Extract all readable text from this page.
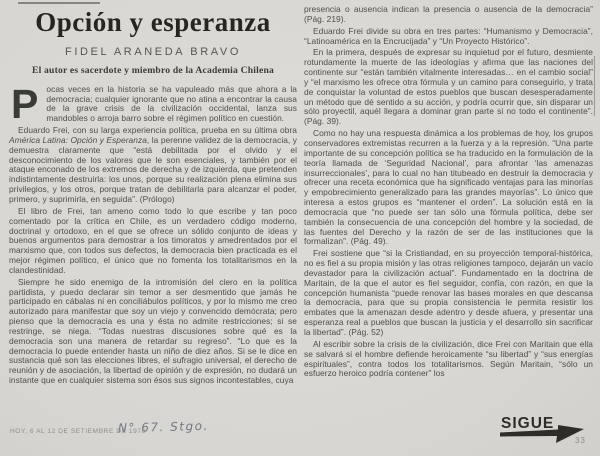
Opción y esperanza
FIDEL ARANEDA BRAVO
El autor es sacerdote y miembro de la Academia Chilena

Pocas veces en la historia se ha vapuleado más que ahora a la democracia; cualquier ignorante que no atina a encontrar la causa de la grave crisis de la civilización occidental, lanza sus mandobles o arroja barro sobre el régimen político en cuestión.

Eduardo Frei, con su larga experiencia política, prueba en su última obra América Latina: Opción y Esperanza, la perenne validez de la democracia, y demuestra claramente que “está debilitada por el olvido y el desconocimiento de los valores que le son esenciales, y también por el ataque enconado de los extremos de derecha y de izquierda, que pretenden indistintamente destruirla: los unos, porque su realización plena elimina sus privilegios, y los otros, porque tratan de debilitarla para alcanzar el poder, primero, y suprimirla, en seguida”. (Prólogo)

El libro de Frei, tan ameno como todo lo que escribe y tan poco comentado por la crítica en Chile, es un verdadero código moderno, doctrinal y ortodoxo, en el que se ofrece un sólido conjunto de ideas y buenos argumentos para demostrar a los timoratos y amedrentados por el marxismo que, con todos sus defectos, la democracia bien practicada es el mejor régimen político, el único que no fomenta los totalitarismos en la clandestinidad.

Siempre he sido enemigo de la intromisión del clero en la política partidista, y puedo declarar sin temor a ser desmentido que jamás he participado en cábalas ni en conciliábulos políticos, y por lo mismo me creo autorizado para manifestar que soy un viejo y convencido demócrata; pero pienso que la democracia es una y ésta no admite restricciones; si se restringe, se niega. “Todas nuestras discusiones sobre qué es la democracia son una manera de retardar su regreso”. “Lo que es la democracia lo puede entender hasta un niño de diez años. Si se le dice en sustancia qué son las elecciones libres, el sufragio universal, el derecho de reunión y de asociación, la libertad de opinión y de expresión, no dudará un instante que en cualquier sistema son ésos sus signos incontestables, cuya

presencia o ausencia indican la presencia o ausencia de la democracia” (Pág. 219).

Eduardo Frei divide su obra en tres partes: “Humanismo y Democracia”, “Latinoamérica en la Encrucijada” y “Un Proyecto Histórico”.

En la primera, después de expresar su inquietud por el futuro, desmiente rotundamente la muerte de las ideologías y afirma que las naciones del continente sur “están también vitalmente interesadas… en el cambio social” y “el marxismo les ofrece otra fórmula y un camino para conseguirlo, y trata de conquistar la voluntad de estos pueblos que buscan desesperadamente un método que dé sentido a su acción, y podría ocurrir que, sin disparar un sólo proyectil, aquél llegara a dominar gran parte si no todo el continente”. (Pág. 39).

Como no hay una respuesta dinámica a los problemas de hoy, los grupos conservadores extremistas recurren a la fuerza y a la represión. “Una parte importante de su concepción política se ha traducido en la formulación de la teoría llamada de ‘Seguridad Nacional’, para afrontar ‘las amenazas insurreccionales’, para lo cual no han titubeado en destruir la democracia y ofrecer una receta económica que ha significado ventajas para las minorías y empobrecimiento generalizado para las grandes mayorías”. Lo único que interesa a estos grupos es “mantener el orden”. La solución está en la democracia que “no puede ser tan sólo una fórmula política, debe ser también la consecuencia de una concepción del hombre y la sociedad, de las fuentes del Derecho y la razón de ser de las instituciones que la formalizan”. (Pág. 49).

Frei sostiene que “si la Cristiandad, en su proyección temporal-histórica, no es fiel a su propia misión y las otras religiones tampoco, dejarán un vacío devastador para la civilización actual”. Fundamentado en la doctrina de Maritain, de la que el autor es fiel seguidor, confía, con razón, en que la concepción humanista “puede renovar las bases morales en que descansa la democracia, para que su propia consistencia le permita resistir los embates que la amenazan desde adentro y desde afuera, y presentar una esperanza real a pueblos que buscan la justicia y el desarrollo sin sacrificar la libertad”. (Pág. 52)

Al escribir sobre la crisis de la civilización, dice Frei con Maritain que ella se salvará si el hombre defiende heroicamente “su libertad” y “sus energías espirituales”, contra todos los totalitarismos. Según Maritain, “sólo un esfuerzo heroico podría contener” los

HOY, 6 AL 12 DE SETIEMBRE DE 1978
N° 67. Stgo.	SIGUE
33
